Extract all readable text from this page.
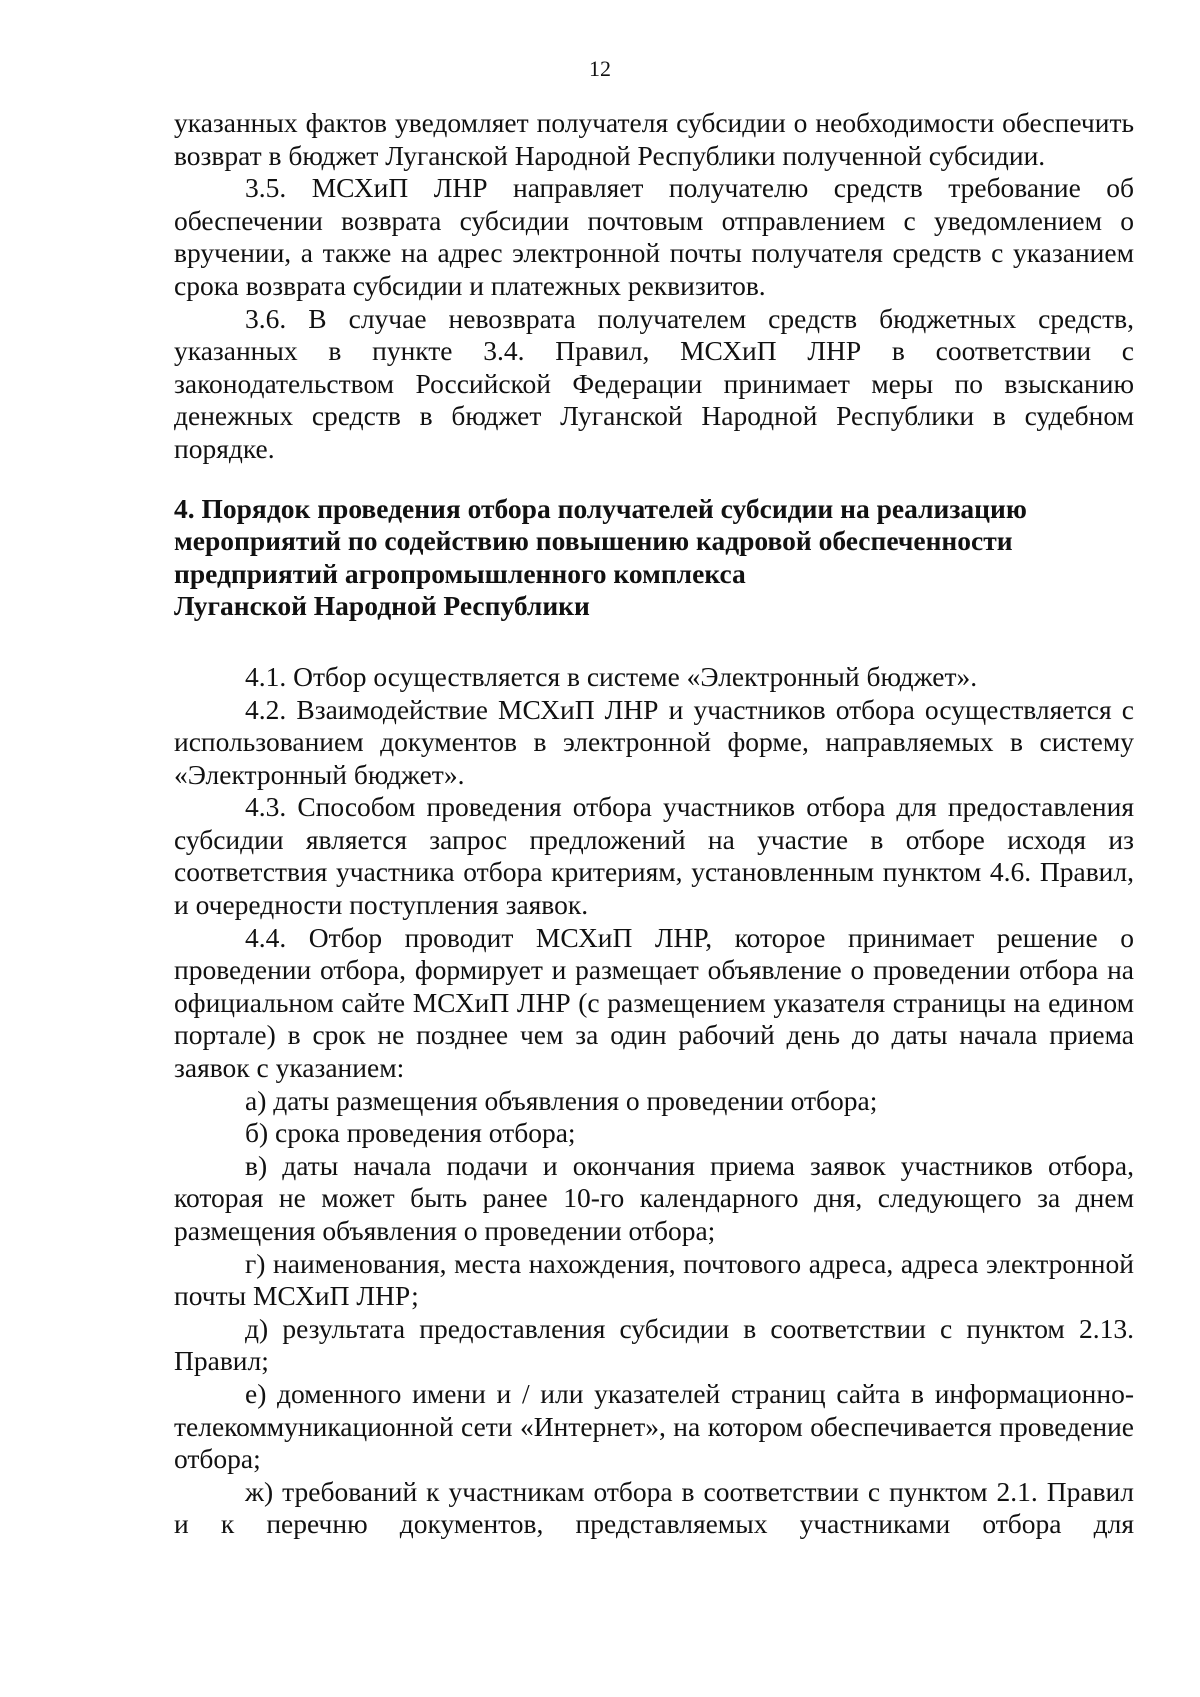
12

указанных фактов уведомляет получателя субсидии о необходимости обеспечить возврат в бюджет Луганской Народной Республики полученной субсидии.

3.5. МСХиП ЛНР направляет получателю средств требование об обеспечении возврата субсидии почтовым отправлением с уведомлением о вручении, а также на адрес электронной почты получателя средств с указанием срока возврата субсидии и платежных реквизитов.

3.6. В случае невозврата получателем средств бюджетных средств, указанных в пункте 3.4. Правил, МСХиП ЛНР в соответствии с законодательством Российской Федерации принимает меры по взысканию денежных средств в бюджет Луганской Народной Республики в судебном порядке.

4. Порядок проведения отбора получателей субсидии на реализацию

мероприятий по содействию повышению кадровой обеспеченности

предприятий агропромышленного комплекса

Луганской Народной Республики

4.1. Отбор осуществляется в системе «Электронный бюджет».

4.2. Взаимодействие МСХиП ЛНР и участников отбора осуществляется с использованием документов в электронной форме, направляемых в систему «Электронный бюджет».

4.3. Способом проведения отбора участников отбора для предоставления субсидии является запрос предложений на участие в отборе исходя из соответствия участника отбора критериям, установленным пунктом 4.6. Правил, и очередности поступления заявок.

4.4. Отбор проводит МСХиП ЛНР, которое принимает решение о проведении отбора, формирует и размещает объявление о проведении отбора на официальном сайте МСХиП ЛНР (с размещением указателя страницы на едином портале) в срок не позднее чем за один рабочий день до даты начала приема заявок с указанием:

а) даты размещения объявления о проведении отбора;

б) срока проведения отбора;

в) даты начала подачи и окончания приема заявок участников отбора, которая не может быть ранее 10-го календарного дня, следующего за днем размещения объявления о проведении отбора;

г) наименования, места нахождения, почтового адреса, адреса электронной почты МСХиП ЛНР;

д) результата предоставления субсидии в соответствии с пунктом 2.13. Правил;

е) доменного имени и / или указателей страниц сайта в информационно-телекоммуникационной сети «Интернет», на котором обеспечивается проведение отбора;

ж) требований к участникам отбора в соответствии с пунктом 2.1. Правил и к перечню документов, представляемых участниками отбора для
